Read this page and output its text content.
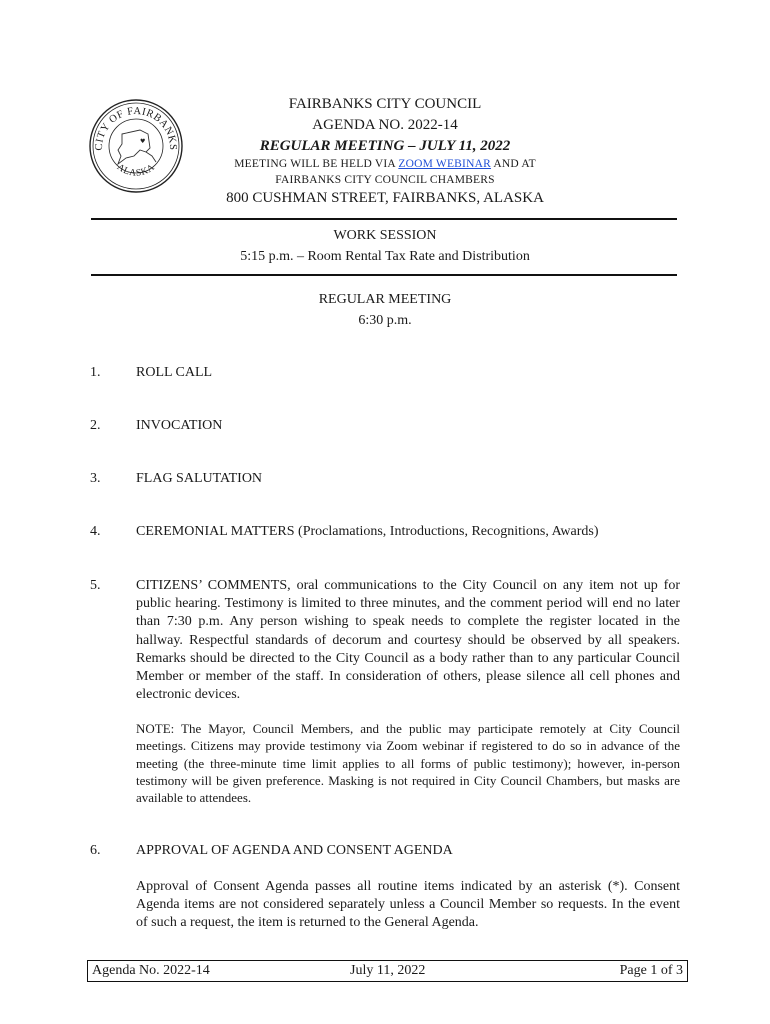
CITY OF FAIRBANKS
ALASKA
♥
FAIRBANKS CITY COUNCIL
AGENDA NO. 2022-14
REGULAR MEETING – JULY 11, 2022
MEETING WILL BE HELD VIA ZOOM WEBINAR AND AT
FAIRBANKS CITY COUNCIL CHAMBERS
800 CUSHMAN STREET, FAIRBANKS, ALASKA
WORK SESSION
5:15 p.m. – Room Rental Tax Rate and Distribution
REGULAR MEETING
6:30 p.m.
1.	ROLL CALL
2.	INVOCATION
3.	FLAG SALUTATION
4.	CEREMONIAL MATTERS (Proclamations, Introductions, Recognitions, Awards)
5.	CITIZENS’ COMMENTS, oral communications to the City Council on any item not up for public hearing. Testimony is limited to three minutes, and the comment period will end no later than 7:30 p.m. Any person wishing to speak needs to complete the register located in the hallway. Respectful standards of decorum and courtesy should be observed by all speakers. Remarks should be directed to the City Council as a body rather than to any particular Council Member or member of the staff. In consideration of others, please silence all cell phones and electronic devices.
NOTE: The Mayor, Council Members, and the public may participate remotely at City Council meetings. Citizens may provide testimony via Zoom webinar if registered to do so in advance of the meeting (the three-minute time limit applies to all forms of public testimony); however, in-person testimony will be given preference. Masking is not required in City Council Chambers, but masks are available to attendees.
6.	APPROVAL OF AGENDA AND CONSENT AGENDA
Approval of Consent Agenda passes all routine items indicated by an asterisk (*). Consent Agenda items are not considered separately unless a Council Member so requests. In the event of such a request, the item is returned to the General Agenda.
Agenda No. 2022-14	July 11, 2022	Page 1 of 3
